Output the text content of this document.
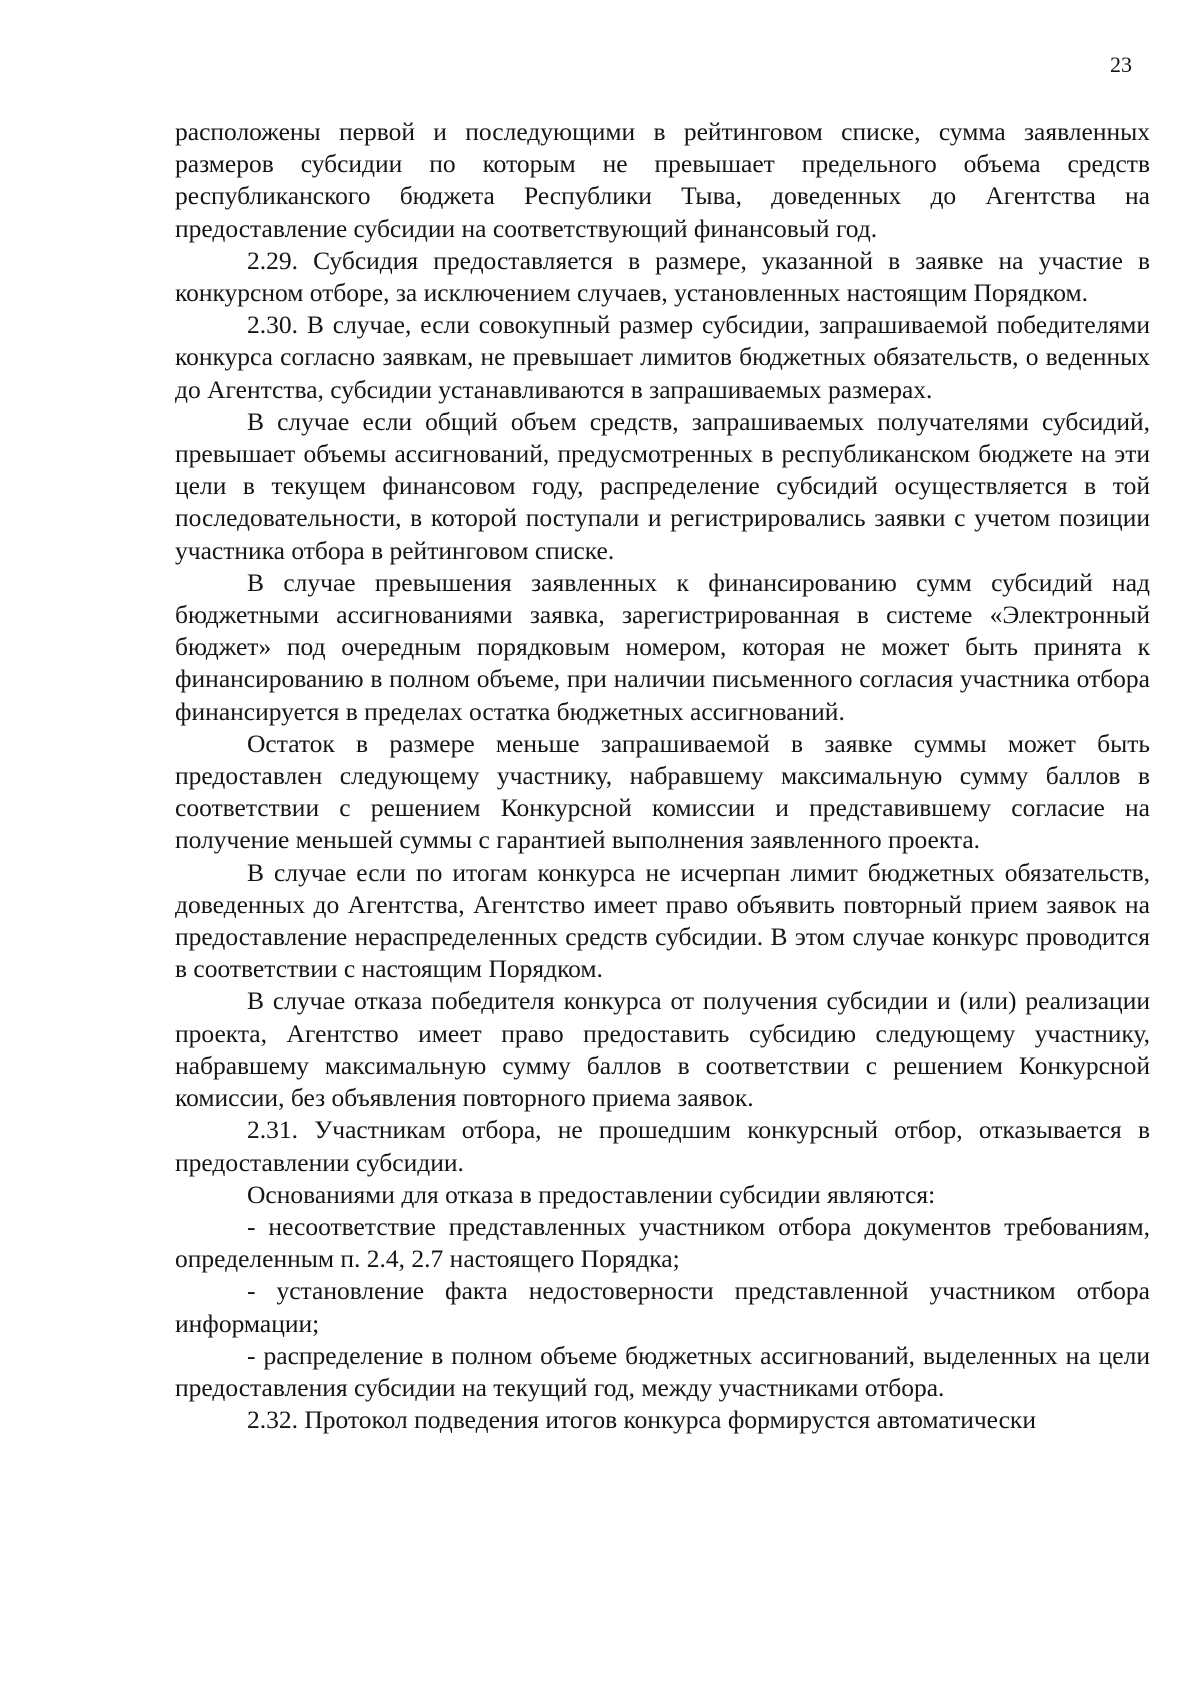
23

расположены первой и последующими в рейтинговом списке, сумма заявленных размеров субсидии по которым не превышает предельного объема средств республиканского бюджета Республики Тыва, доведенных до Агентства на предоставление субсидии на соответствующий финансовый год.

2.29. Субсидия предоставляется в размере, указанной в заявке на участие в конкурсном отборе, за исключением случаев, установленных настоящим Порядком.

2.30. В случае, если совокупный размер субсидии, запрашиваемой победителями конкурса согласно заявкам, не превышает лимитов бюджетных обязательств, о веденных до Агентства, субсидии устанавливаются в запрашиваемых размерах.

В случае если общий объем средств, запрашиваемых получателями субсидий, превышает объемы ассигнований, предусмотренных в республиканском бюджете на эти цели в текущем финансовом году, распределение субсидий осуществляется в той последовательности, в которой поступали и регистрировались заявки с учетом позиции участника отбора в рейтинговом списке.

В случае превышения заявленных к финансированию сумм субсидий над бюджетными ассигнованиями заявка, зарегистрированная в системе «Электронный бюджет» под очередным порядковым номером, которая не может быть принята к финансированию в полном объеме, при наличии письменного согласия участника отбора финансируется в пределах остатка бюджетных ассигнований.

Остаток в размере меньше запрашиваемой в заявке суммы может быть предоставлен следующему участнику, набравшему максимальную сумму баллов в соответствии с решением Конкурсной комиссии и представившему согласие на получение меньшей суммы с гарантией выполнения заявленного проекта.

В случае если по итогам конкурса не исчерпан лимит бюджетных обязательств, доведенных до Агентства, Агентство имеет право объявить повторный прием заявок на предоставление нераспределенных средств субсидии. В этом случае конкурс проводится в соответствии с настоящим Порядком.

В случае отказа победителя конкурса от получения субсидии и (или) реализации проекта, Агентство имеет право предоставить субсидию следующему участнику, набравшему максимальную сумму баллов в соответствии с решением Конкурсной комиссии, без объявления повторного приема заявок.

2.31. Участникам отбора, не прошедшим конкурсный отбор, отказывается в предоставлении субсидии.

Основаниями для отказа в предоставлении субсидии являются:

- несоответствие представленных участником отбора документов требованиям, определенным п. 2.4, 2.7 настоящего Порядка;

- установление факта недостоверности представленной участником отбора информации;

- распределение в полном объеме бюджетных ассигнований, выделенных на цели предоставления субсидии на текущий год, между участниками отбора.

2.32. Протокол подведения итогов конкурса формирустся автоматически
